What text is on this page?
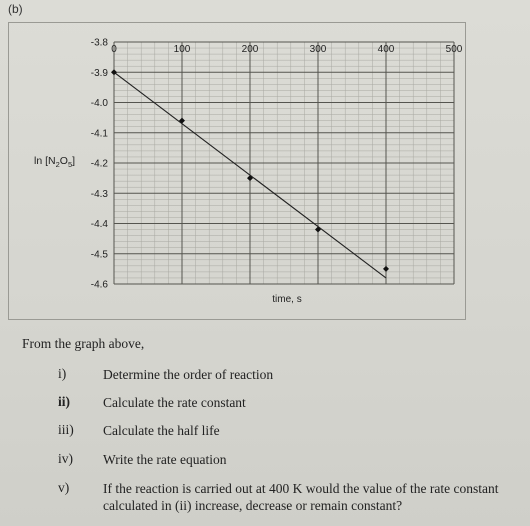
(b)
0	100	200	300	400	500
-3.8
-3.9
-4.0
-4.1
-4.2
-4.3
-4.4
-4.5
-4.6
time, s
$\ln [N_2O_5]$
From the graph above,
i)	Determine the order of reaction
ii)	Calculate the rate constant
iii)	Calculate the half life
iv)	Write the rate equation
v)	If the reaction is carried out at 400 K would the value of the rate constant calculated in (ii) increase, decrease or remain constant?
